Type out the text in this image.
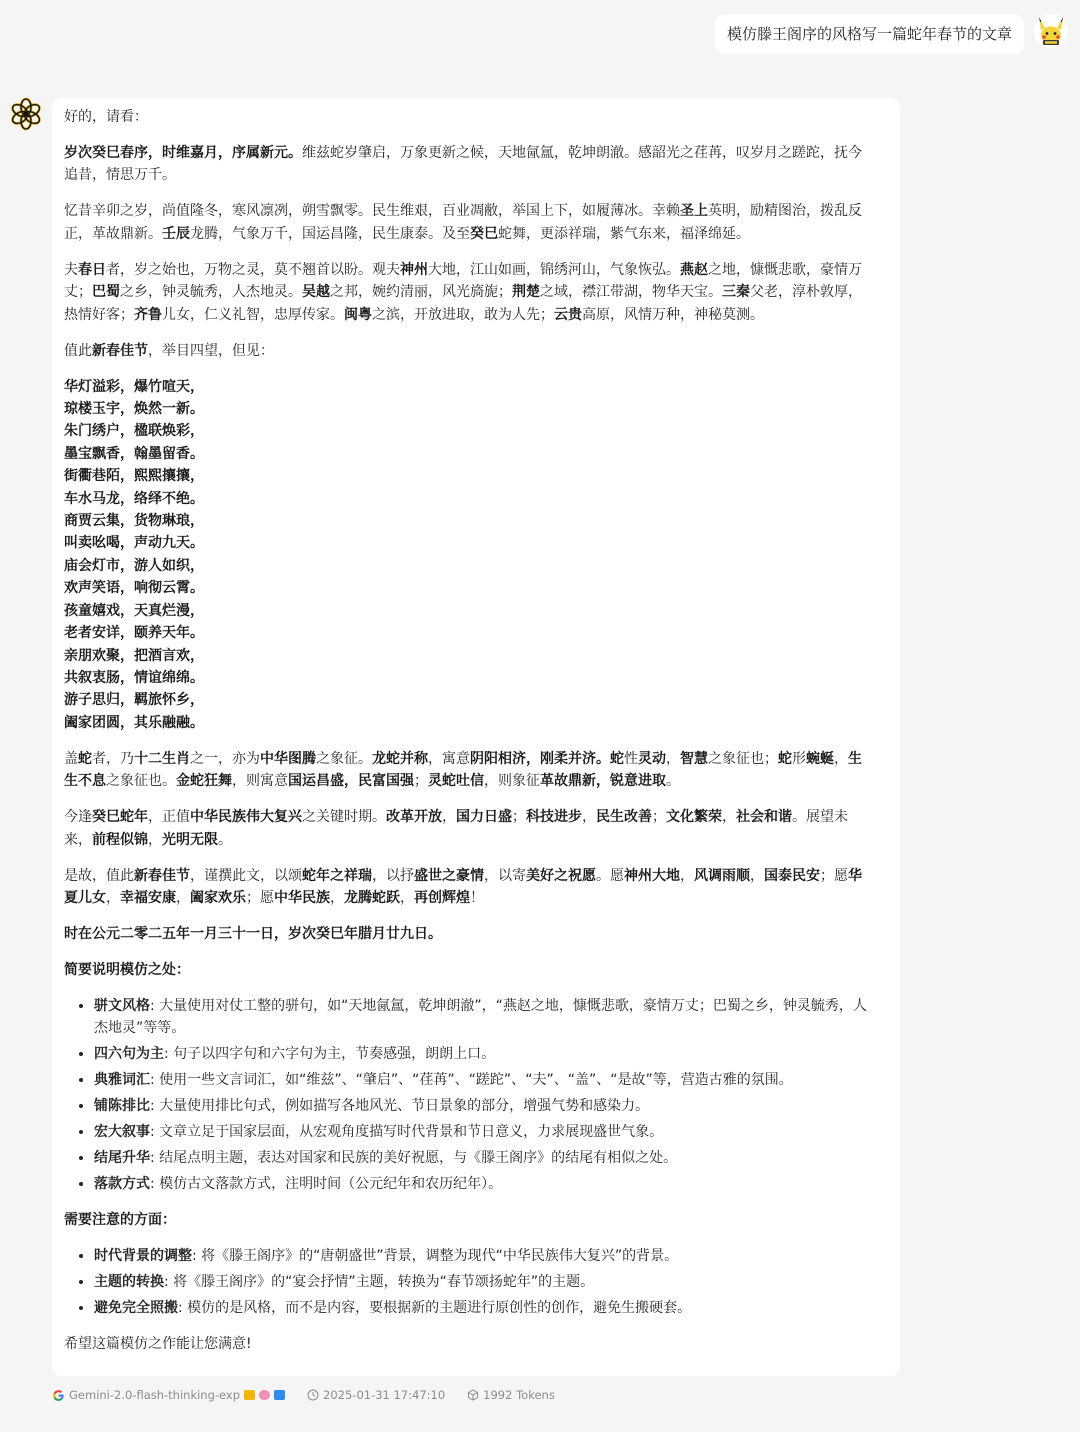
模仿滕王阁序的风格写一篇蛇年春节的文章

好的，请看：

岁次癸巳春序，时维嘉月，序属新元。维兹蛇岁肇启，万象更新之候，天地氤氲，乾坤朗澈。感韶光之荏苒，叹岁月之蹉跎，抚今追昔，情思万千。

忆昔辛卯之岁，尚值隆冬，寒风凛冽，朔雪飘零。民生维艰，百业凋敝，举国上下，如履薄冰。幸赖圣上英明，励精图治，拨乱反正，革故鼎新。壬辰龙腾，气象万千，国运昌隆，民生康泰。及至癸巳蛇舞，更添祥瑞，紫气东来，福泽绵延。

夫春日者，岁之始也，万物之灵，莫不翘首以盼。观夫神州大地，江山如画，锦绣河山，气象恢弘。燕赵之地，慷慨悲歌，豪情万丈；巴蜀之乡，钟灵毓秀，人杰地灵。吴越之邦，婉约清丽，风光旖旎；荆楚之域，襟江带湖，物华天宝。三秦父老，淳朴敦厚，热情好客；齐鲁儿女，仁义礼智，忠厚传家。闽粤之滨，开放进取，敢为人先；云贵高原，风情万种，神秘莫测。

值此新春佳节，举目四望，但见：

华灯溢彩，爆竹喧天，
琼楼玉宇，焕然一新。
朱门绣户，楹联焕彩，
墨宝飘香，翰墨留香。
街衢巷陌，熙熙攘攘，
车水马龙，络绎不绝。
商贾云集，货物琳琅，
叫卖吆喝，声动九天。
庙会灯市，游人如织，
欢声笑语，响彻云霄。
孩童嬉戏，天真烂漫，
老者安详，颐养天年。
亲朋欢聚，把酒言欢，
共叙衷肠，情谊绵绵。
游子思归，羁旅怀乡，
阖家团圆，其乐融融。

盖蛇者，乃十二生肖之一，亦为中华图腾之象征。龙蛇并称，寓意阴阳相济，刚柔并济。蛇性灵动，智慧之象征也；蛇形蜿蜒，生生不息之象征也。金蛇狂舞，则寓意国运昌盛，民富国强；灵蛇吐信，则象征革故鼎新，锐意进取。

今逢癸巳蛇年，正值中华民族伟大复兴之关键时期。改革开放，国力日盛；科技进步，民生改善；文化繁荣，社会和谐。展望未来，前程似锦，光明无限。

是故，值此新春佳节，谨撰此文，以颂蛇年之祥瑞，以抒盛世之豪情，以寄美好之祝愿。愿神州大地，风调雨顺，国泰民安；愿华夏儿女，幸福安康，阖家欢乐；愿中华民族，龙腾蛇跃，再创辉煌！

时在公元二零二五年一月三十一日，岁次癸巳年腊月廿九日。

简要说明模仿之处：

• 骈文风格: 大量使用对仗工整的骈句，如“天地氤氲，乾坤朗澈”，“燕赵之地，慷慨悲歌，豪情万丈；巴蜀之乡，钟灵毓秀，人杰地灵”等等。
• 四六句为主: 句子以四字句和六字句为主，节奏感强，朗朗上口。
• 典雅词汇: 使用一些文言词汇，如“维兹”、“肇启”、“荏苒”、“蹉跎”、“夫”、“盖”、“是故”等，营造古雅的氛围。
• 铺陈排比: 大量使用排比句式，例如描写各地风光、节日景象的部分，增强气势和感染力。
• 宏大叙事: 文章立足于国家层面，从宏观角度描写时代背景和节日意义，力求展现盛世气象。
• 结尾升华: 结尾点明主题，表达对国家和民族的美好祝愿，与《滕王阁序》的结尾有相似之处。
• 落款方式: 模仿古文落款方式，注明时间（公元纪年和农历纪年）。

需要注意的方面：

• 时代背景的调整: 将《滕王阁序》的“唐朝盛世”背景，调整为现代“中华民族伟大复兴”的背景。
• 主题的转换: 将《滕王阁序》的“宴会抒情”主题，转换为“春节颂扬蛇年”的主题。
• 避免完全照搬: 模仿的是风格，而不是内容，要根据新的主题进行原创性的创作，避免生搬硬套。

希望这篇模仿之作能让您满意!

Gemini-2.0-flash-thinking-exp	2025-01-31 17:47:10	1992 Tokens
